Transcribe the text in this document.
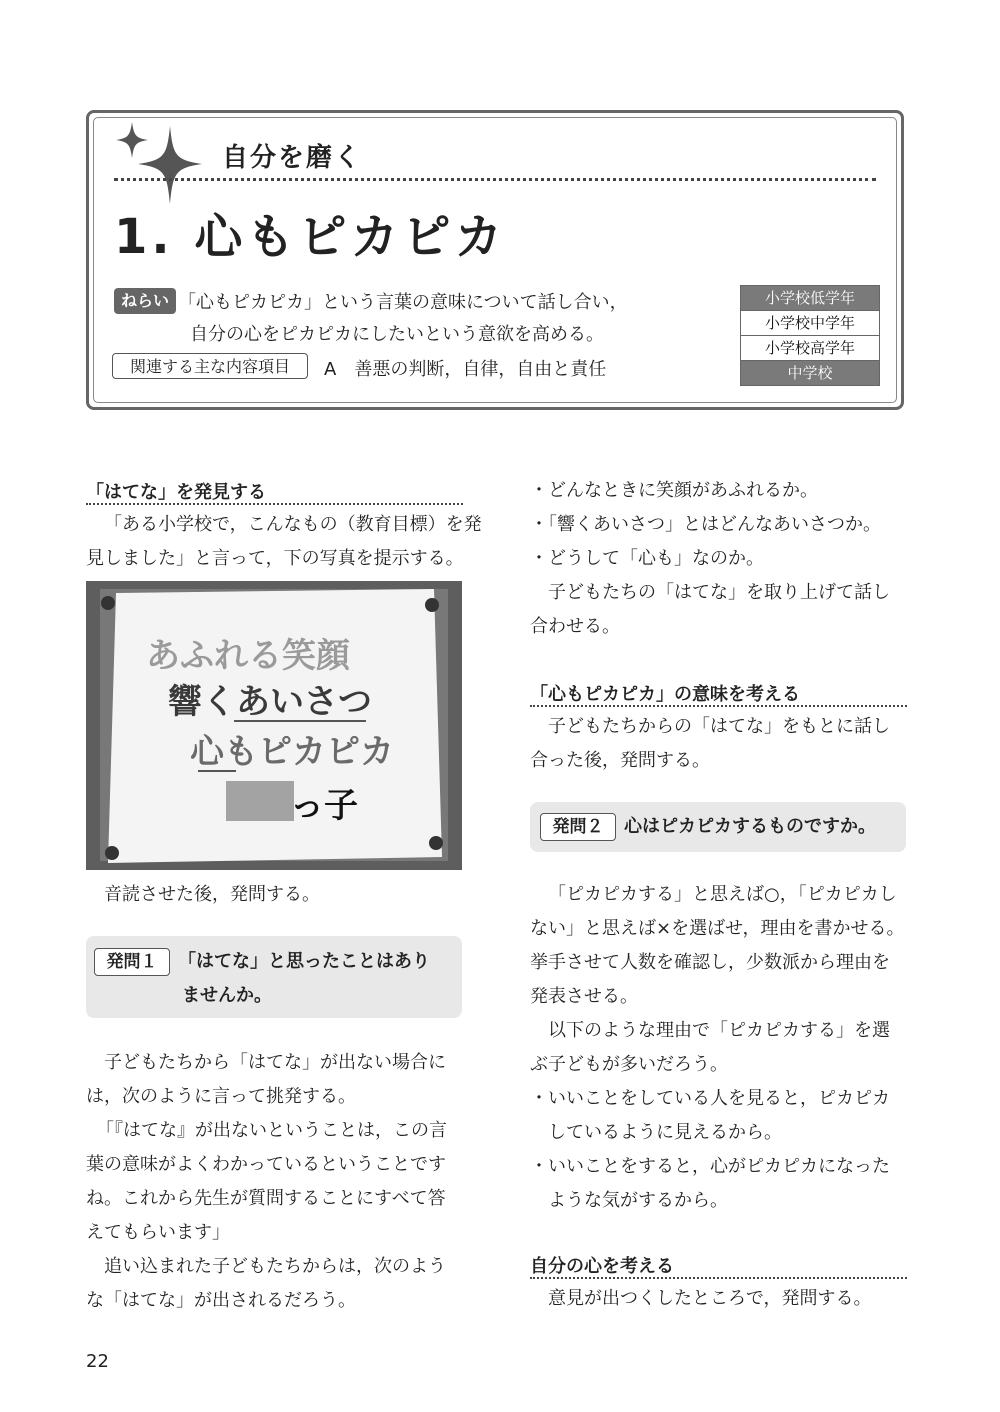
自分を磨く
1. 心もピカピカ
ねらい 「心もピカピカ」という言葉の意味について話し合い，
自分の心をピカピカにしたいという意欲を高める。
関連する主な内容項目	A　善悪の判断，自律，自由と責任
小学校低学年
小学校中学年
小学校高学年
中学校
「はてな」を発見する
「ある小学校で，こんなもの（教育目標）を発
見しました」と言って，下の写真を提示する。
あふれる笑顔
響くあいさつ
心もピカピカ
っ子
音読させた後，発問する。
発問１	「はてな」と思ったことはあり
ませんか。
子どもたちから「はてな」が出ない場合に
は，次のように言って挑発する。
「『はてな』が出ないということは，この言
葉の意味がよくわかっているということです
ね。これから先生が質問することにすべて答
えてもらいます」
追い込まれた子どもたちからは，次のよう
な「はてな」が出されるだろう。
・どんなときに笑顔があふれるか。
・「響くあいさつ」とはどんなあいさつか。
・どうして「心も」なのか。
子どもたちの「はてな」を取り上げて話し
合わせる。
「心もピカピカ」の意味を考える
子どもたちからの「はてな」をもとに話し
合った後，発問する。
発問２	心はピカピカするものですか。
「ピカピカする」と思えば○，「ピカピカし
ない」と思えば×を選ばせ，理由を書かせる。
挙手させて人数を確認し，少数派から理由を
発表させる。
以下のような理由で「ピカピカする」を選
ぶ子どもが多いだろう。
・いいことをしている人を見ると，ピカピカ
　しているように見えるから。
・いいことをすると，心がピカピカになった
　ような気がするから。
自分の心を考える
意見が出つくしたところで，発問する。
22
